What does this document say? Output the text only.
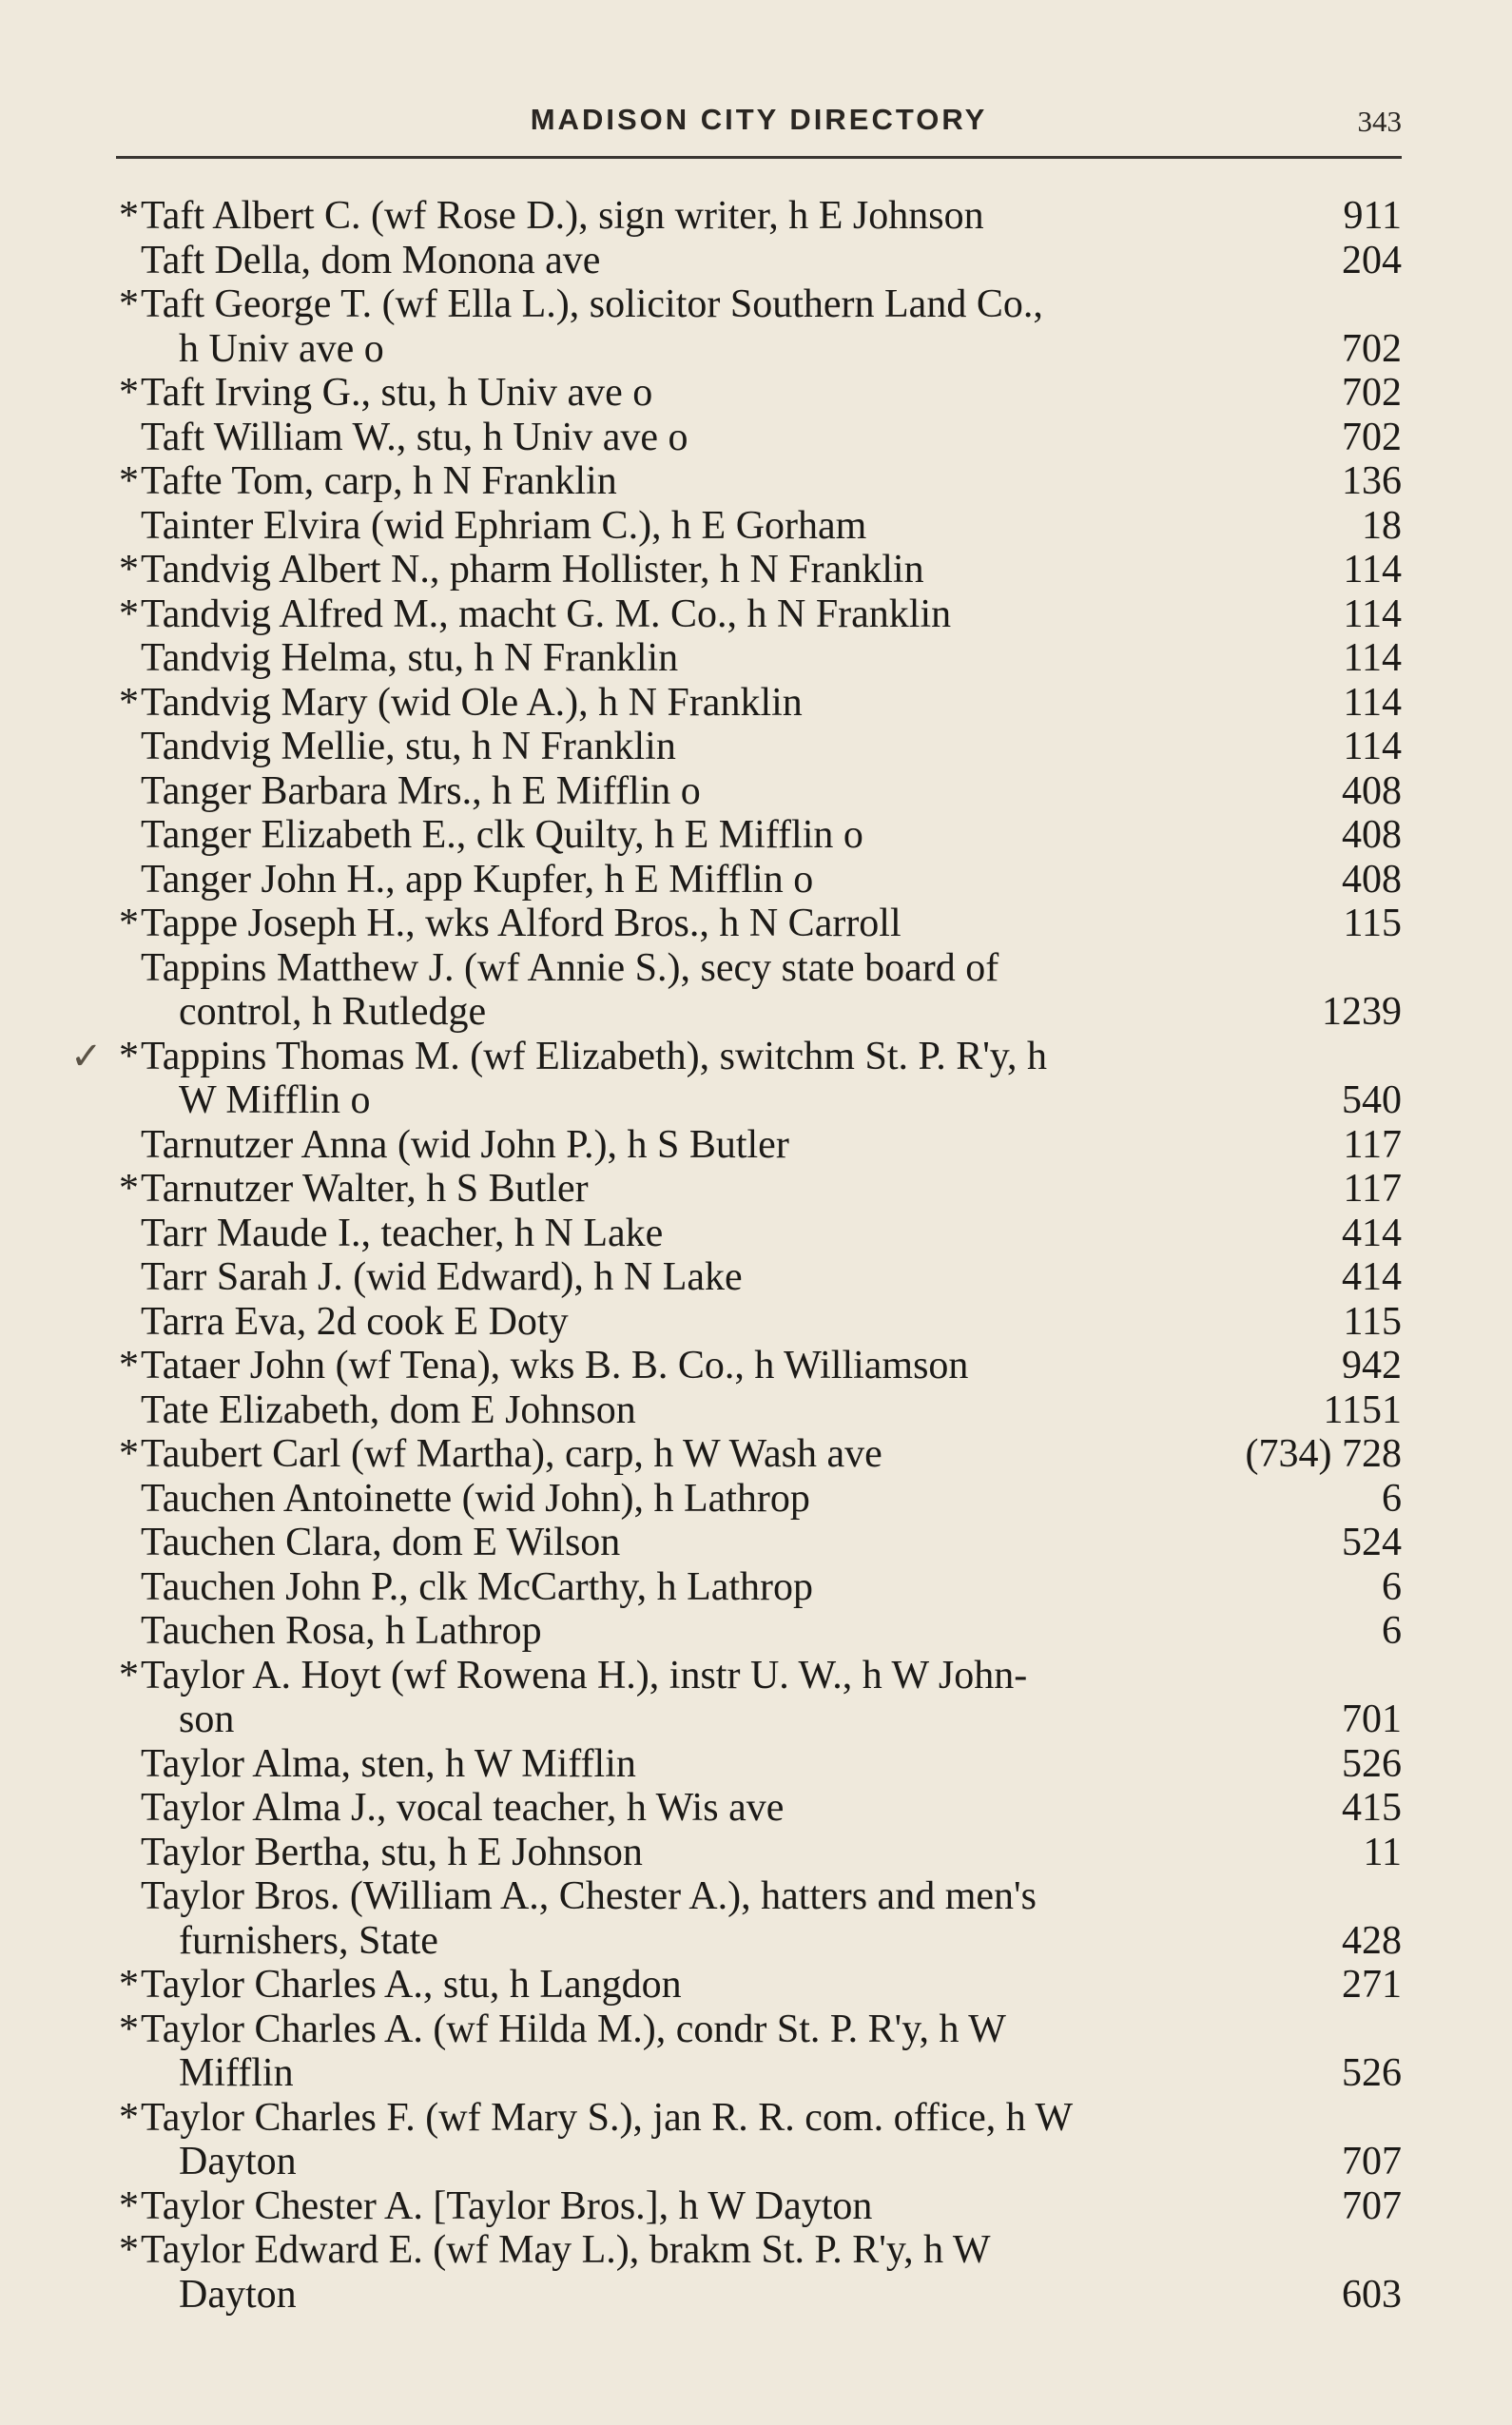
MADISON CITY DIRECTORY	343
* Taft Albert C. (wf Rose D.), sign writer, h E Johnson	911
Taft Della, dom Monona ave	204
* Taft George T. (wf Ella L.), solicitor Southern Land Co.,
h Univ ave o	702
* Taft Irving G., stu, h Univ ave o	702
Taft William W., stu, h Univ ave o	702
* Tafte Tom, carp, h N Franklin	136
Tainter Elvira (wid Ephriam C.), h E Gorham	18
* Tandvig Albert N., pharm Hollister, h N Franklin	114
* Tandvig Alfred M., macht G. M. Co., h N Franklin	114
Tandvig Helma, stu, h N Franklin	114
* Tandvig Mary (wid Ole A.), h N Franklin	114
Tandvig Mellie, stu, h N Franklin	114
Tanger Barbara Mrs., h E Mifflin o	408
Tanger Elizabeth E., clk Quilty, h E Mifflin o	408
Tanger John H., app Kupfer, h E Mifflin o	408
* Tappe Joseph H., wks Alford Bros., h N Carroll	115
Tappins Matthew J. (wf Annie S.), secy state board of
control, h Rutledge	1239
✓ * Tappins Thomas M. (wf Elizabeth), switchm St. P. R'y, h
W Mifflin o	540
Tarnutzer Anna (wid John P.), h S Butler	117
* Tarnutzer Walter, h S Butler	117
Tarr Maude I., teacher, h N Lake	414
Tarr Sarah J. (wid Edward), h N Lake	414
Tarra Eva, 2d cook E Doty	115
* Tataer John (wf Tena), wks B. B. Co., h Williamson	942
Tate Elizabeth, dom E Johnson	1151
* Taubert Carl (wf Martha), carp, h W Wash ave	(734) 728
Tauchen Antoinette (wid John), h Lathrop	6
Tauchen Clara, dom E Wilson	524
Tauchen John P., clk McCarthy, h Lathrop	6
Tauchen Rosa, h Lathrop	6
* Taylor A. Hoyt (wf Rowena H.), instr U. W., h W John-
son	701
Taylor Alma, sten, h W Mifflin	526
Taylor Alma J., vocal teacher, h Wis ave	415
Taylor Bertha, stu, h E Johnson	11
Taylor Bros. (William A., Chester A.), hatters and men's
furnishers, State	428
* Taylor Charles A., stu, h Langdon	271
* Taylor Charles A. (wf Hilda M.), condr St. P. R'y, h W
Mifflin	526
* Taylor Charles F. (wf Mary S.), jan R. R. com. office, h W
Dayton	707
* Taylor Chester A. [Taylor Bros.], h W Dayton	707
* Taylor Edward E. (wf May L.), brakm St. P. R'y, h W
Dayton	603
